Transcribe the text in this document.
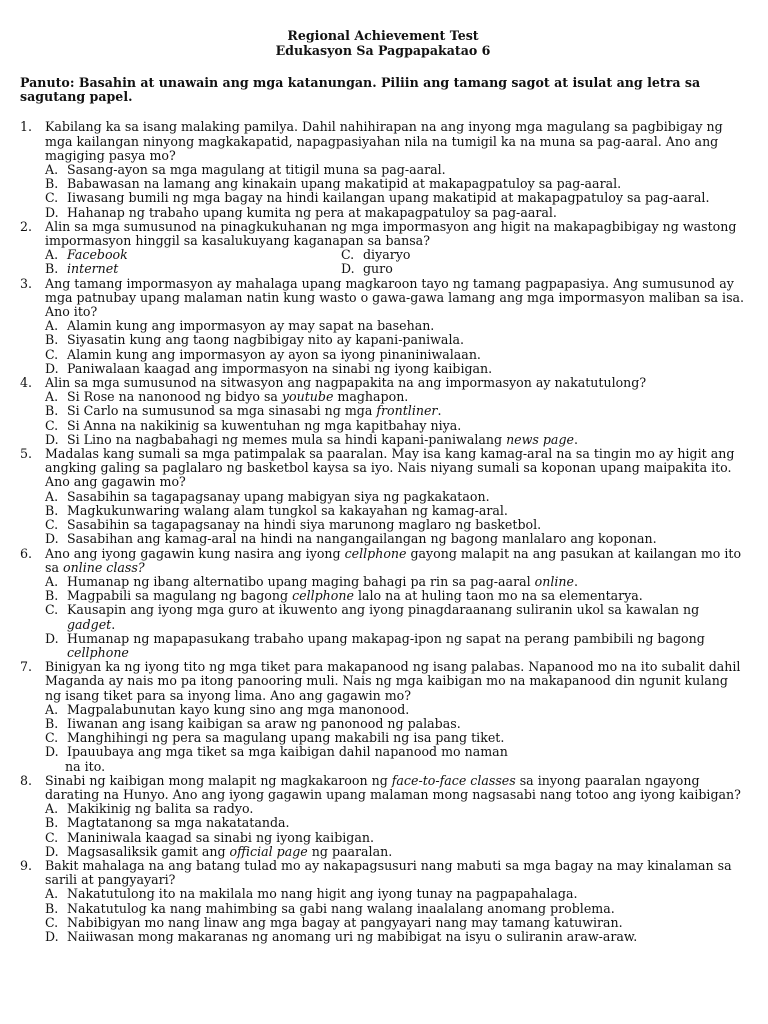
Regional Achievement Test
Edukasyon Sa Pagpapakatao 6
Panuto: Basahin at unawain ang mga katanungan. Piliin ang tamang sagot at isulat ang letra sa sagutang papel.
1. Kabilang ka sa isang malaking pamilya. Dahil nahihirapan na ang inyong mga magulang sa pagbibigay ng mga kailangan ninyong magkakapatid, napagpasiyahan nila na tumigil ka na muna sa pag-aaral. Ano ang magiging pasya mo?
A. Sasang-ayon sa mga magulang at titigil muna sa pag-aaral.
B. Babawasan na lamang ang kinakain upang makatipid at makapagpatuloy sa pag-aaral.
C. Iiwasang bumili ng mga bagay na hindi kailangan upang makatipid at makapagpatuloy sa pag-aaral.
D. Hahanap ng trabaho upang kumita ng pera at makapagpatuloy sa pag-aaral.
2. Alin sa mga sumusunod na pinagkukuhanan ng mga impormasyon ang higit na makapagbibigay ng wastong impormasyon hinggil sa kasalukuyang kaganapan sa bansa?
A. Facebook	C. diyaryo
B. internet	D. guro
3. Ang tamang impormasyon ay mahalaga upang magkaroon tayo ng tamang pagpapasiya. Ang sumusunod ay mga patnubay upang malaman natin kung wasto o gawa-gawa lamang ang mga impormasyon maliban sa isa. Ano ito?
A. Alamin kung ang impormasyon ay may sapat na basehan.
B. Siyasatin kung ang taong nagbibigay nito ay kapani-paniwala.
C. Alamin kung ang impormasyon ay ayon sa iyong pinaniniwalaan.
D. Paniwalaan kaagad ang impormasyon na sinabi ng iyong kaibigan.
4. Alin sa mga sumusunod na sitwasyon ang nagpapakita na ang impormasyon ay nakatutulong?
A. Si Rose na nanonood ng bidyo sa youtube maghapon.
B. Si Carlo na sumusunod sa mga sinasabi ng mga frontliner.
C. Si Anna na nakikinig sa kuwentuhan ng mga kapitbahay niya.
D. Si Lino na nagbabahagi ng memes mula sa hindi kapani-paniwalang news page.
5. Madalas kang sumali sa mga patimpalak sa paaralan. May isa kang kamag-aral na sa tingin mo ay higit ang angking galing sa paglalaro ng basketbol kaysa sa iyo. Nais niyang sumali sa koponan upang maipakita ito. Ano ang gagawin mo?
A. Sasabihin sa tagapagsanay upang mabigyan siya ng pagkakataon.
B. Magkukunwaring walang alam tungkol sa kakayahan ng kamag-aral.
C. Sasabihin sa tagapagsanay na hindi siya marunong maglaro ng basketbol.
D. Sasabihan ang kamag-aral na hindi na nangangailangan ng bagong manlalaro ang koponan.
6. Ano ang iyong gagawin kung nasira ang iyong cellphone gayong malapit na ang pasukan at kailangan mo ito sa online class?
A. Humanap ng ibang alternatibo upang maging bahagi pa rin sa pag-aaral online.
B. Magpabili sa magulang ng bagong cellphone lalo na at huling taon mo na sa elementarya.
C. Kausapin ang iyong mga guro at ikuwento ang iyong pinagdaraanang suliranin ukol sa kawalan ng gadget.
D. Humanap ng mapapasukang trabaho upang makapag-ipon ng sapat na perang pambibili ng bagong cellphone
7. Binigyan ka ng iyong tito ng mga tiket para makapanood ng isang palabas. Napanood mo na ito subalit dahil Maganda ay nais mo pa itong panooring muli. Nais ng mga kaibigan mo na makapanood din ngunit kulang ng isang tiket para sa inyong lima. Ano ang gagawin mo?
A. Magpalabunutan kayo kung sino ang mga manonood.
B. Iiwanan ang isang kaibigan sa araw ng panonood ng palabas.
C. Manghihingi ng pera sa magulang upang makabili ng isa pang tiket.
D. Ipauubaya ang mga tiket sa mga kaibigan dahil napanood mo naman
na ito.
8. Sinabi ng kaibigan mong malapit ng magkakaroon ng face-to-face classes sa inyong paaralan ngayong darating na Hunyo. Ano ang iyong gagawin upang malaman mong nagsasabi nang totoo ang iyong kaibigan?
A. Makikinig ng balita sa radyo.
B. Magtatanong sa mga nakatatanda.
C. Maniniwala kaagad sa sinabi ng iyong kaibigan.
D. Magsasaliksik gamit ang official page ng paaralan.
9. Bakit mahalaga na ang batang tulad mo ay nakapagsusuri nang mabuti sa mga bagay na may kinalaman sa sarili at pangyayari?
A. Nakatutulong ito na makilala mo nang higit ang iyong tunay na pagpapahalaga.
B. Nakatutulog ka nang mahimbing sa gabi nang walang inaalalang anomang problema.
C. Nabibigyan mo nang linaw ang mga bagay at pangyayari nang may tamang katuwiran.
D. Naiiwasan mong makaranas ng anomang uri ng mabibigat na isyu o suliranin araw-araw.
